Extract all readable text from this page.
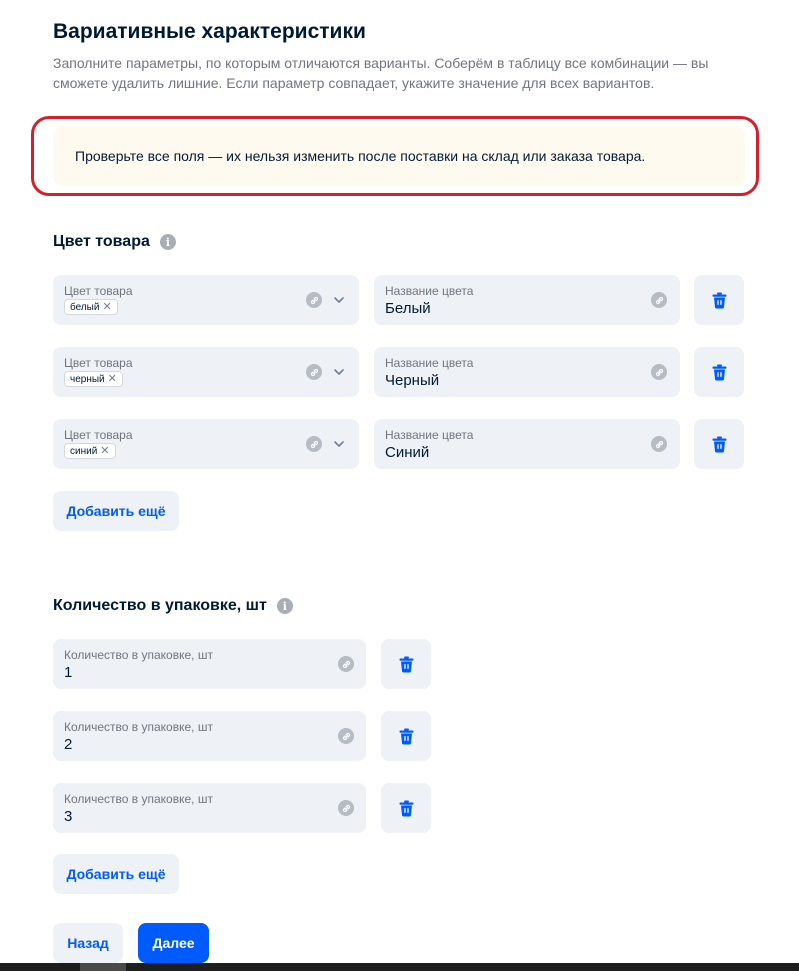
Вариативные характеристики
Заполните параметры, по которым отличаются варианты. Соберём в таблицу все комбинации — вы сможете удалить лишние. Если параметр совпадает, укажите значение для всех вариантов.
Проверьте все поля — их нельзя изменить после поставки на склад или заказа товара.
Цвет товара	i
Цвет товара
белый ✕
Название цвета
Белый
Цвет товара
черный ✕
Название цвета
Черный
Цвет товара
синий ✕
Название цвета
Синий
Добавить ещё
Количество в упаковке, шт	i
Количество в упаковке, шт
1
Количество в упаковке, шт
2
Количество в упаковке, шт
3
Добавить ещё
Назад	Далее
